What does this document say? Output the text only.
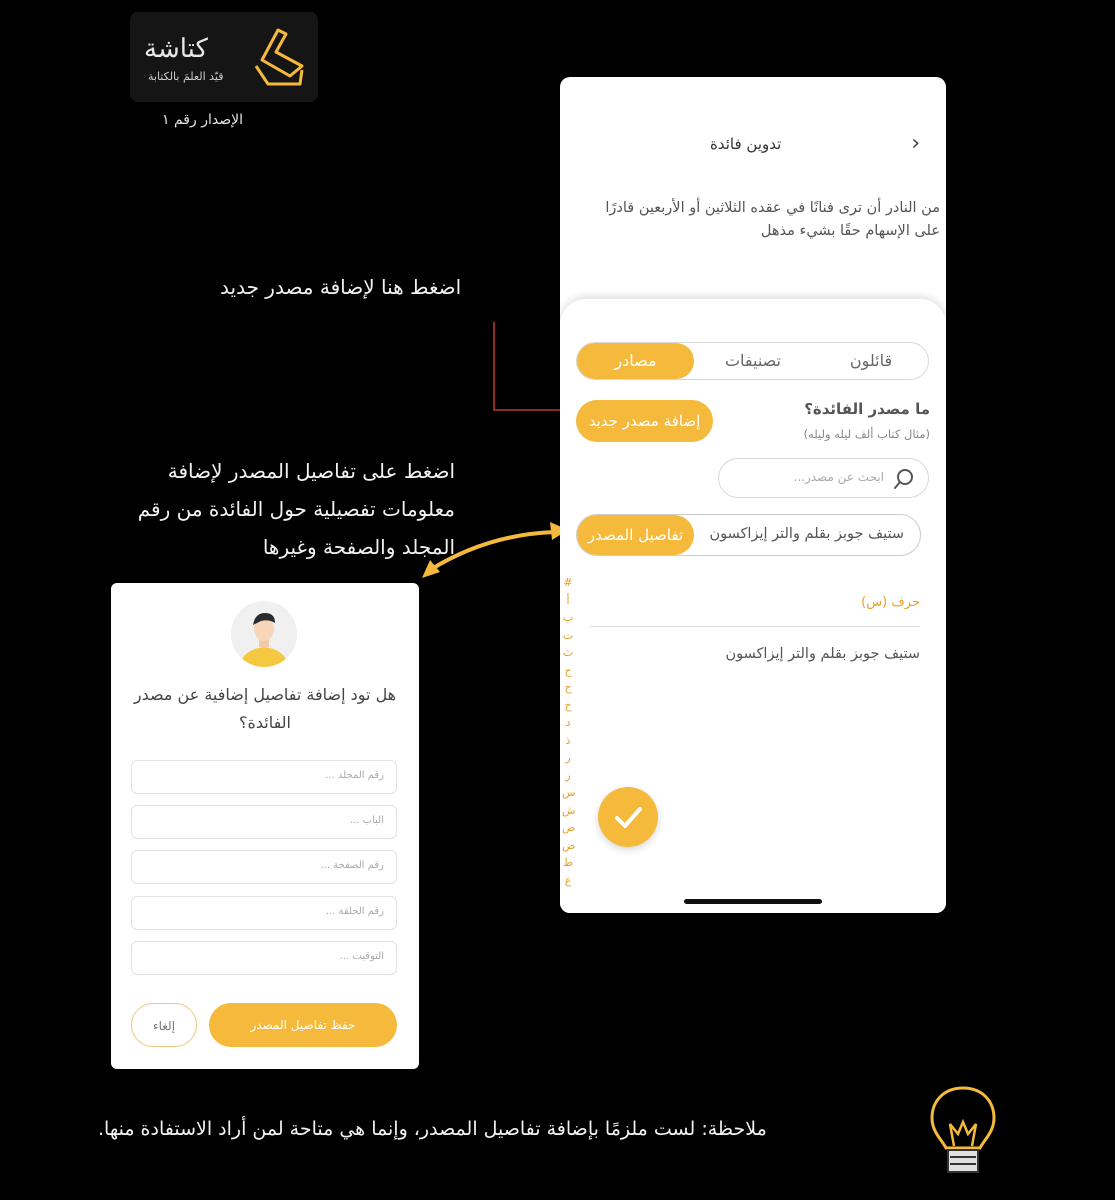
كتاشة
قيّد العلمَ بالكتابة
الإصدار رقم ١
اضغط هنا لإضافة مصدر جديد
اضغط على تفاصيل المصدر لإضافة معلومات تفصيلية حول الفائدة من رقم المجلد والصفحة وغيرها
تدوين فائدة	›
من النادر أن ترى فنانًا في عقده الثلاثين أو الأربعين قادرًا على الإسهام حقًا بشيء مذهل
مصادر	تصنيفات	قائلون
ما مصدر الفائدة؟
(مثال كتاب ألف ليله وليله)
إضافة مصدر جديد
ابحث عن مصدر...
ستيف جوبز بقلم والتر إيزاكسون
تفاصيل المصدر
#
أ
ب
ت
ث
ج
ح
خ
د
ذ
ر
ز
س
ش
ص
ض
ط
ع
حرف (س)
ستيف جوبز بقلم والتر إيزاكسون
هل تود إضافة تفاصيل إضافية عن مصدر الفائدة؟
رقم المجلد ...
الباب ...
رقم الصفحة ...
رقم الحلقة ...
التوقيت ...
حفظ تفاصيل المصدر
إلغاء
ملاحظة: لست ملزمًا بإضافة تفاصيل المصدر، وإنما هي متاحة لمن أراد الاستفادة منها.
